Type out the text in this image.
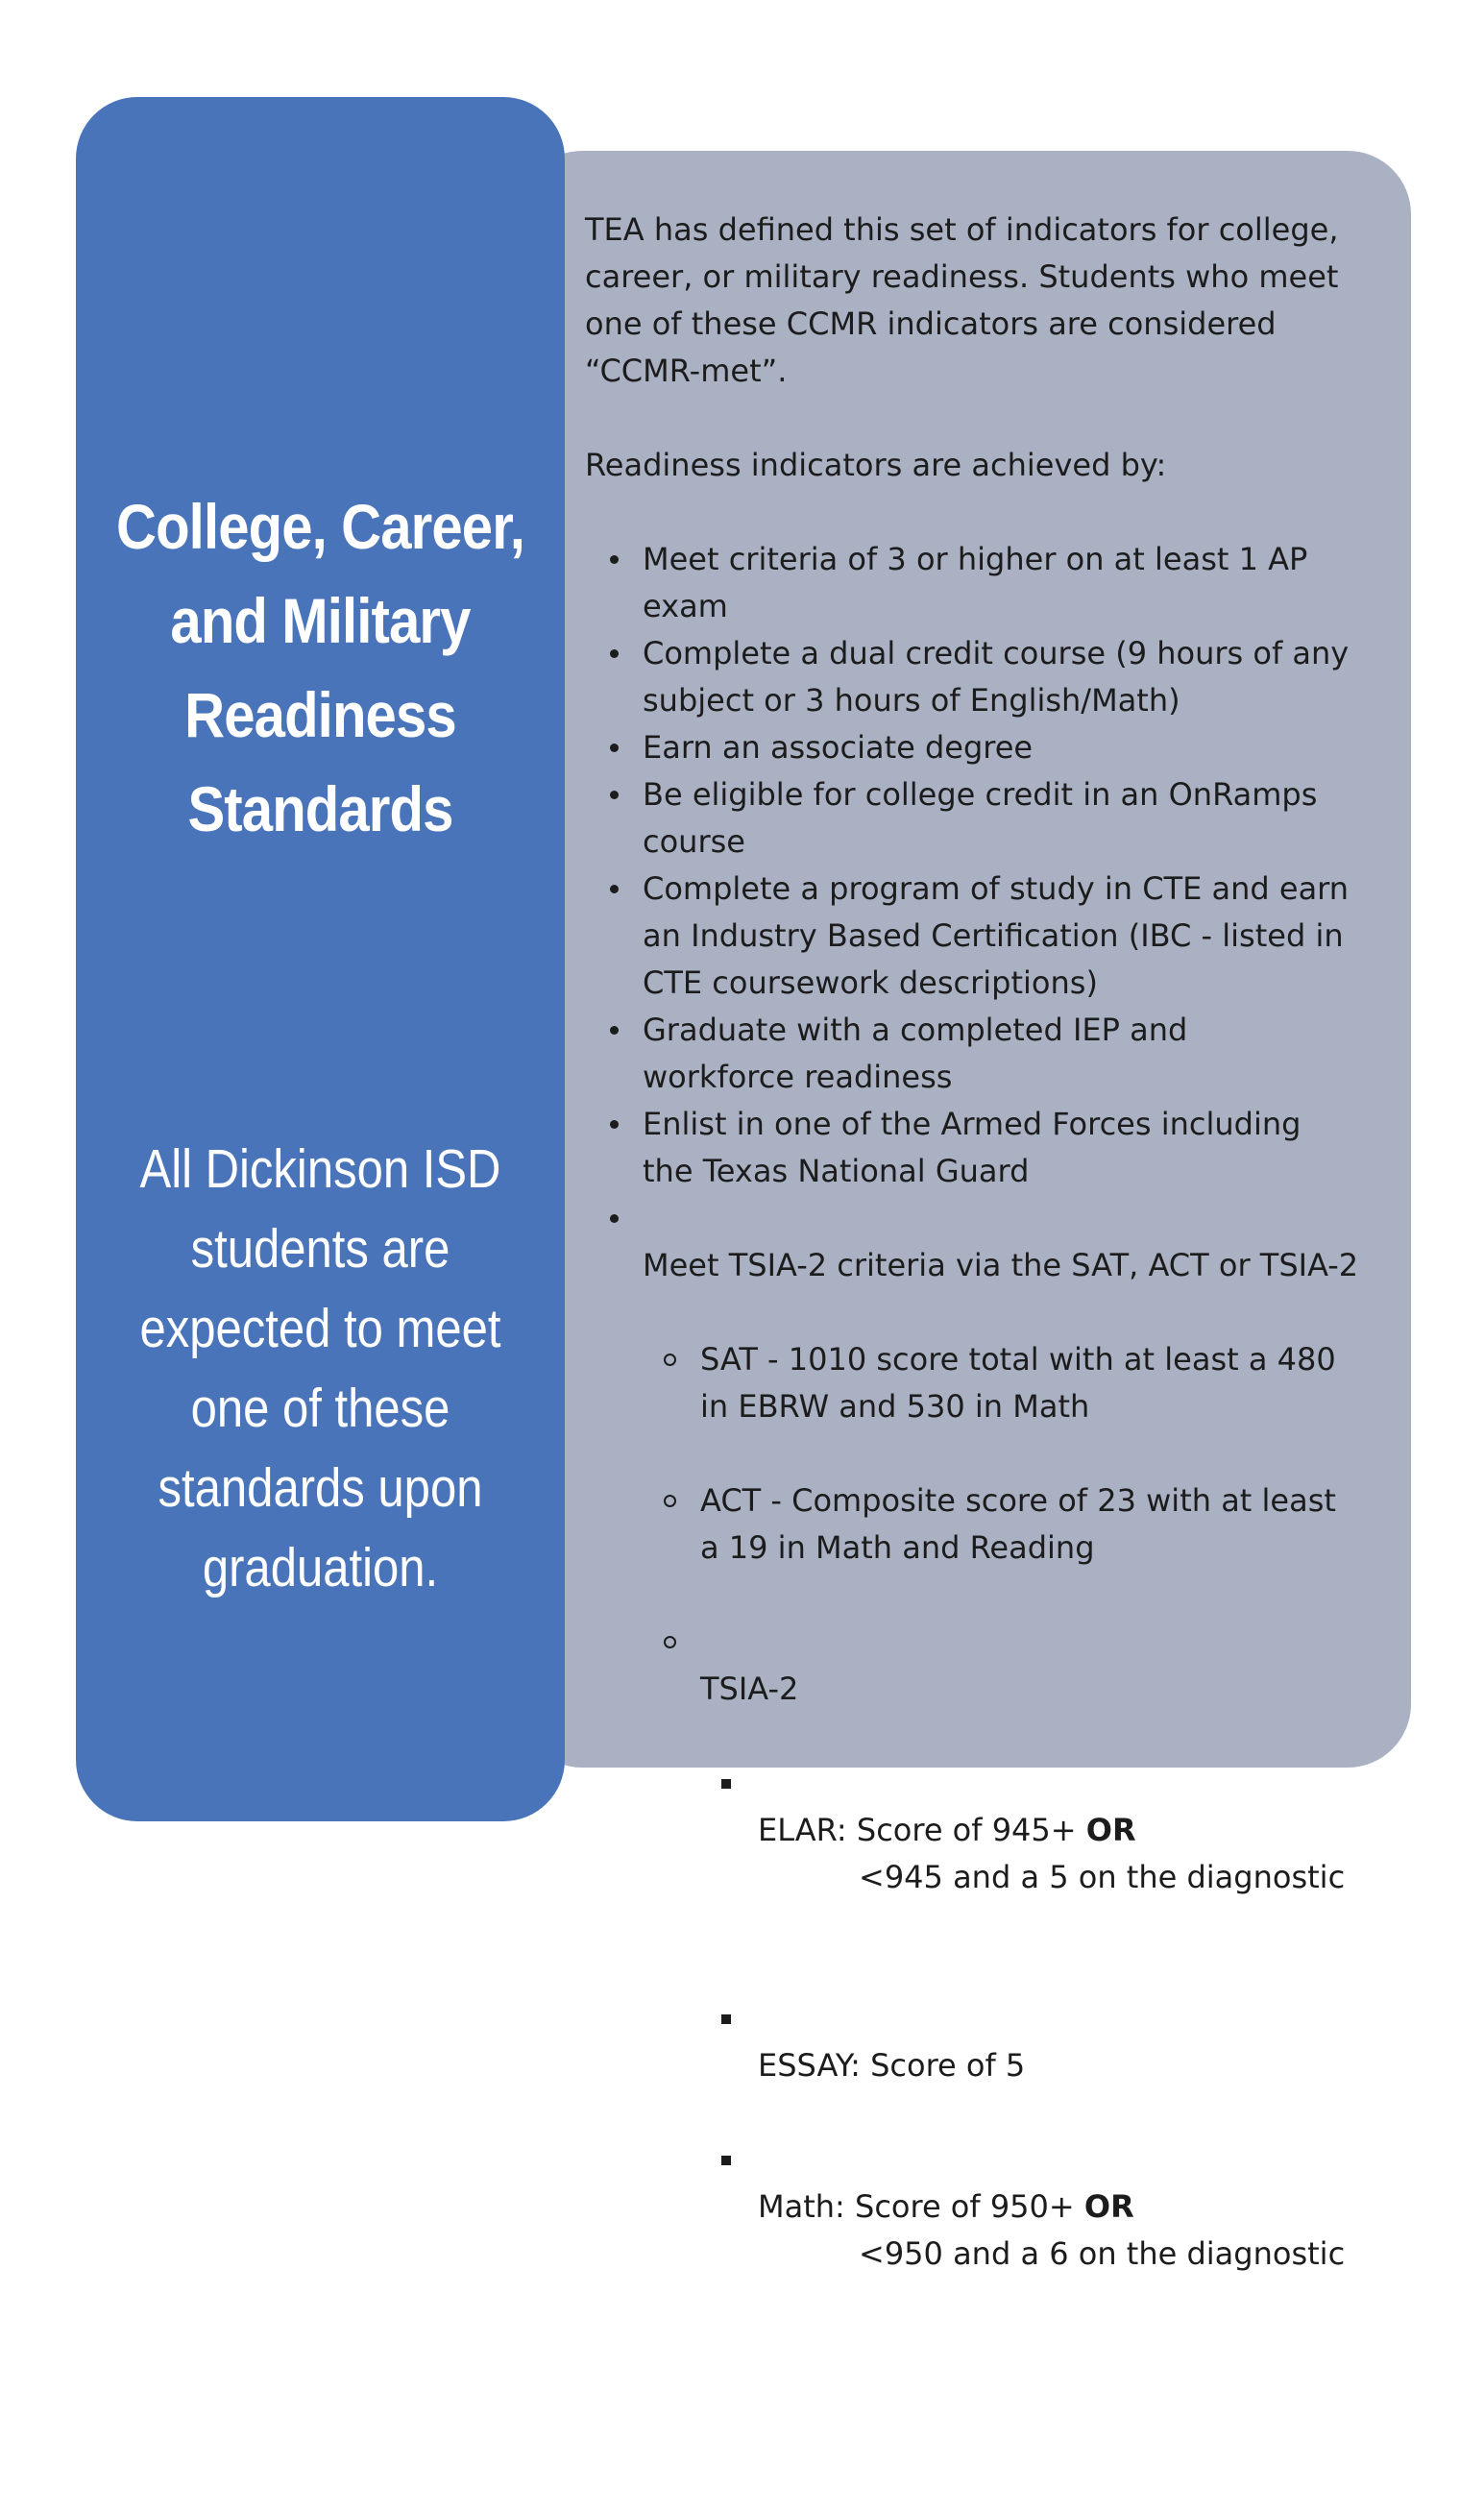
College, Career,
and Military
Readiness
Standards
All Dickinson ISD
students are
expected to meet
one of these
standards upon
graduation.

TEA has defined this set of indicators for college,
career, or military readiness. Students who meet
one of these CCMR indicators are considered
“CCMR-met”.

Readiness indicators are achieved by:

Meet criteria of 3 or higher on at least 1 AP
exam
Complete a dual credit course (9 hours of any
subject or 3 hours of English/Math)
Earn an associate degree
Be eligible for college credit in an OnRamps
course
Complete a program of study in CTE and earn
an Industry Based Certification (IBC - listed in
CTE coursework descriptions)
Graduate with a completed IEP and
workforce readiness
Enlist in one of the Armed Forces including
the Texas National Guard

Meet TSIA-2 criteria via the SAT, ACT or TSIA-2

SAT - 1010 score total with at least a 480
in EBRW and 530 in Math

ACT - Composite score of 23 with at least
a 19 in Math and Reading

TSIA-2

ELAR: Score of 945+ OR

<945 and a 5 on the diagnostic

ESSAY: Score of 5

Math: Score of 950+ OR

<950 and a 6 on the diagnostic
